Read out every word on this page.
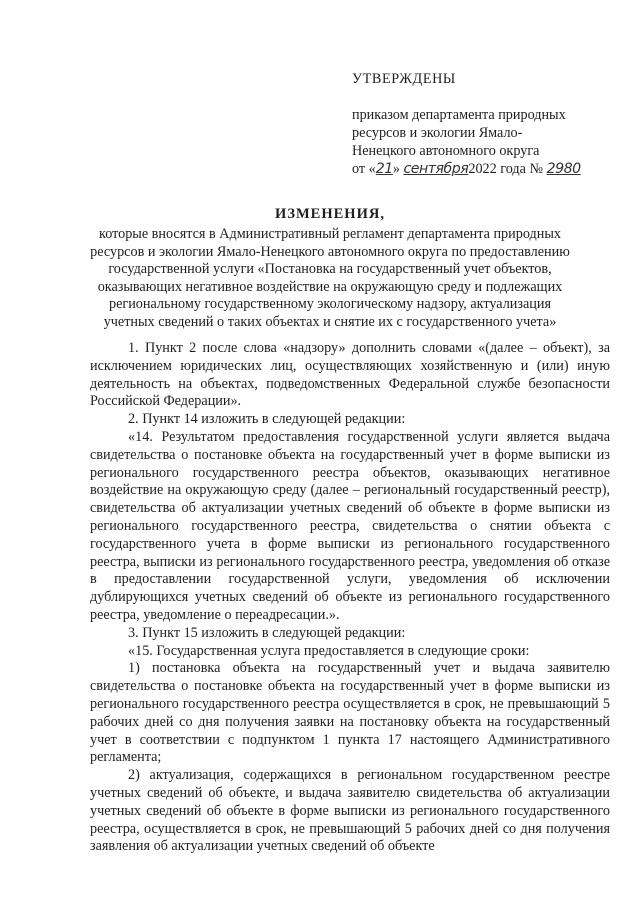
УТВЕРЖДЕНЫ
приказом департамента природных
ресурсов и экологии Ямало-
Ненецкого автономного округа
от «21» сентября2022 года № 2980
ИЗМЕНЕНИЯ,
которые вносятся в Административный регламент департамента природных
ресурсов и экологии Ямало-Ненецкого автономного округа по предоставлению
государственной услуги «Постановка на государственный учет объектов,
оказывающих негативное воздействие на окружающую среду и подлежащих
региональному государственному экологическому надзору, актуализация
учетных сведений о таких объектах и снятие их с государственного учета»
1. Пункт 2 после слова «надзору» дополнить словами «(далее – объект), за исключением юридических лиц, осуществляющих хозяйственную и (или) иную деятельность на объектах, подведомственных Федеральной службе безопасности Российской Федерации».
2. Пункт 14 изложить в следующей редакции:
«14. Результатом предоставления государственной услуги является выдача свидетельства о постановке объекта на государственный учет в форме выписки из регионального государственного реестра объектов, оказывающих негативное воздействие на окружающую среду (далее – региональный государственный реестр), свидетельства об актуализации учетных сведений об объекте в форме выписки из регионального государственного реестра, свидетельства о снятии объекта с государственного учета в форме выписки из регионального государственного реестра, выписки из регионального государственного реестра, уведомления об отказе в предоставлении государственной услуги, уведомления об исключении дублирующихся учетных сведений об объекте из регионального государственного реестра, уведомление о переадресации.».
3. Пункт 15 изложить в следующей редакции:
«15. Государственная услуга предоставляется в следующие сроки:
1) постановка объекта на государственный учет и выдача заявителю свидетельства о постановке объекта на государственный учет в форме выписки из регионального государственного реестра осуществляется в срок, не превышающий 5 рабочих дней со дня получения заявки на постановку объекта на государственный учет в соответствии с подпунктом 1 пункта 17 настоящего Административного регламента;
2) актуализация, содержащихся в региональном государственном реестре учетных сведений об объекте, и выдача заявителю свидетельства об актуализации учетных сведений об объекте в форме выписки из регионального государственного реестра, осуществляется в срок, не превышающий 5 рабочих дней со дня получения заявления об актуализации учетных сведений об объекте
